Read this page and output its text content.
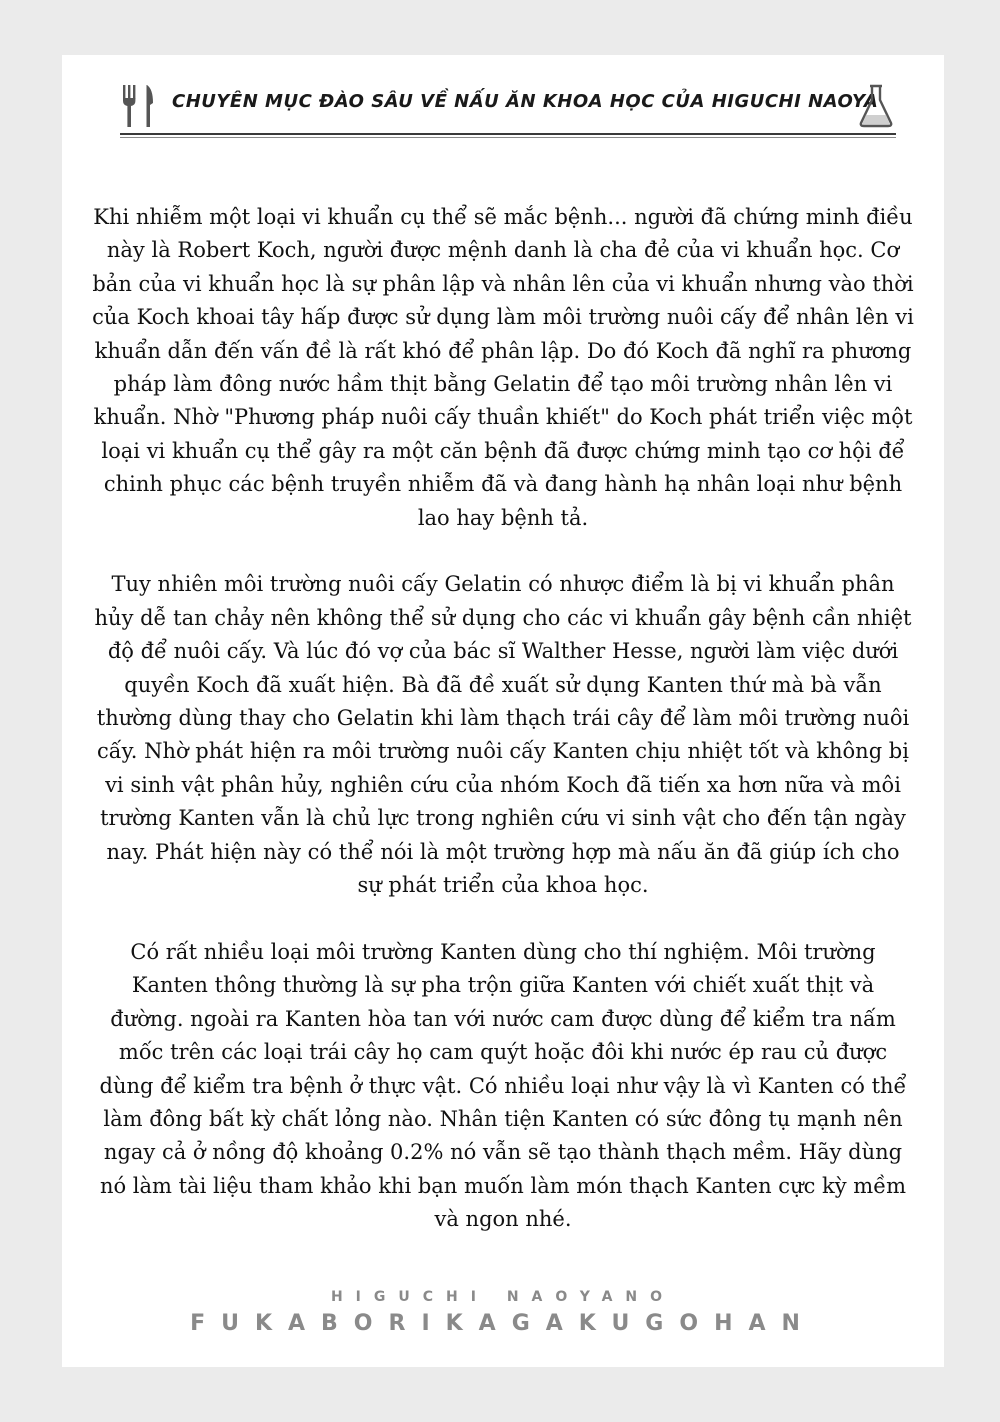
CHUYÊN MỤC ĐÀO SÂU VỀ NẤU ĂN KHOA HỌC CỦA HIGUCHI NAOYA

Khi nhiễm một loại vi khuẩn cụ thể sẽ mắc bệnh... người đã chứng minh điều này là Robert Koch, người được mệnh danh là cha đẻ của vi khuẩn học. Cơ bản của vi khuẩn học là sự phân lập và nhân lên của vi khuẩn nhưng vào thời của Koch khoai tây hấp được sử dụng làm môi trường nuôi cấy để nhân lên vi khuẩn dẫn đến vấn đề là rất khó để phân lập. Do đó Koch đã nghĩ ra phương pháp làm đông nước hầm thịt bằng Gelatin để tạo môi trường nhân lên vi khuẩn. Nhờ "Phương pháp nuôi cấy thuần khiết" do Koch phát triển việc một loại vi khuẩn cụ thể gây ra một căn bệnh đã được chứng minh tạo cơ hội để chinh phục các bệnh truyền nhiễm đã và đang hành hạ nhân loại như bệnh lao hay bệnh tả.

Tuy nhiên môi trường nuôi cấy Gelatin có nhược điểm là bị vi khuẩn phân hủy dễ tan chảy nên không thể sử dụng cho các vi khuẩn gây bệnh cần nhiệt độ để nuôi cấy. Và lúc đó vợ của bác sĩ Walther Hesse, người làm việc dưới quyền Koch đã xuất hiện. Bà đã đề xuất sử dụng Kanten thứ mà bà vẫn thường dùng thay cho Gelatin khi làm thạch trái cây để làm môi trường nuôi cấy. Nhờ phát hiện ra môi trường nuôi cấy Kanten chịu nhiệt tốt và không bị vi sinh vật phân hủy, nghiên cứu của nhóm Koch đã tiến xa hơn nữa và môi trường Kanten vẫn là chủ lực trong nghiên cứu vi sinh vật cho đến tận ngày nay. Phát hiện này có thể nói là một trường hợp mà nấu ăn đã giúp ích cho sự phát triển của khoa học.

Có rất nhiều loại môi trường Kanten dùng cho thí nghiệm. Môi trường Kanten thông thường là sự pha trộn giữa Kanten với chiết xuất thịt và đường. ngoài ra Kanten hòa tan với nước cam được dùng để kiểm tra nấm mốc trên các loại trái cây họ cam quýt hoặc đôi khi nước ép rau củ được dùng để kiểm tra bệnh ở thực vật. Có nhiều loại như vậy là vì Kanten có thể làm đông bất kỳ chất lỏng nào. Nhân tiện Kanten có sức đông tụ mạnh nên ngay cả ở nồng độ khoảng 0.2% nó vẫn sẽ tạo thành thạch mềm. Hãy dùng nó làm tài liệu tham khảo khi bạn muốn làm món thạch Kanten cực kỳ mềm và ngon nhé.

HIGUCHI NAOYANO
FUKABORIKAGAKUGOHAN
